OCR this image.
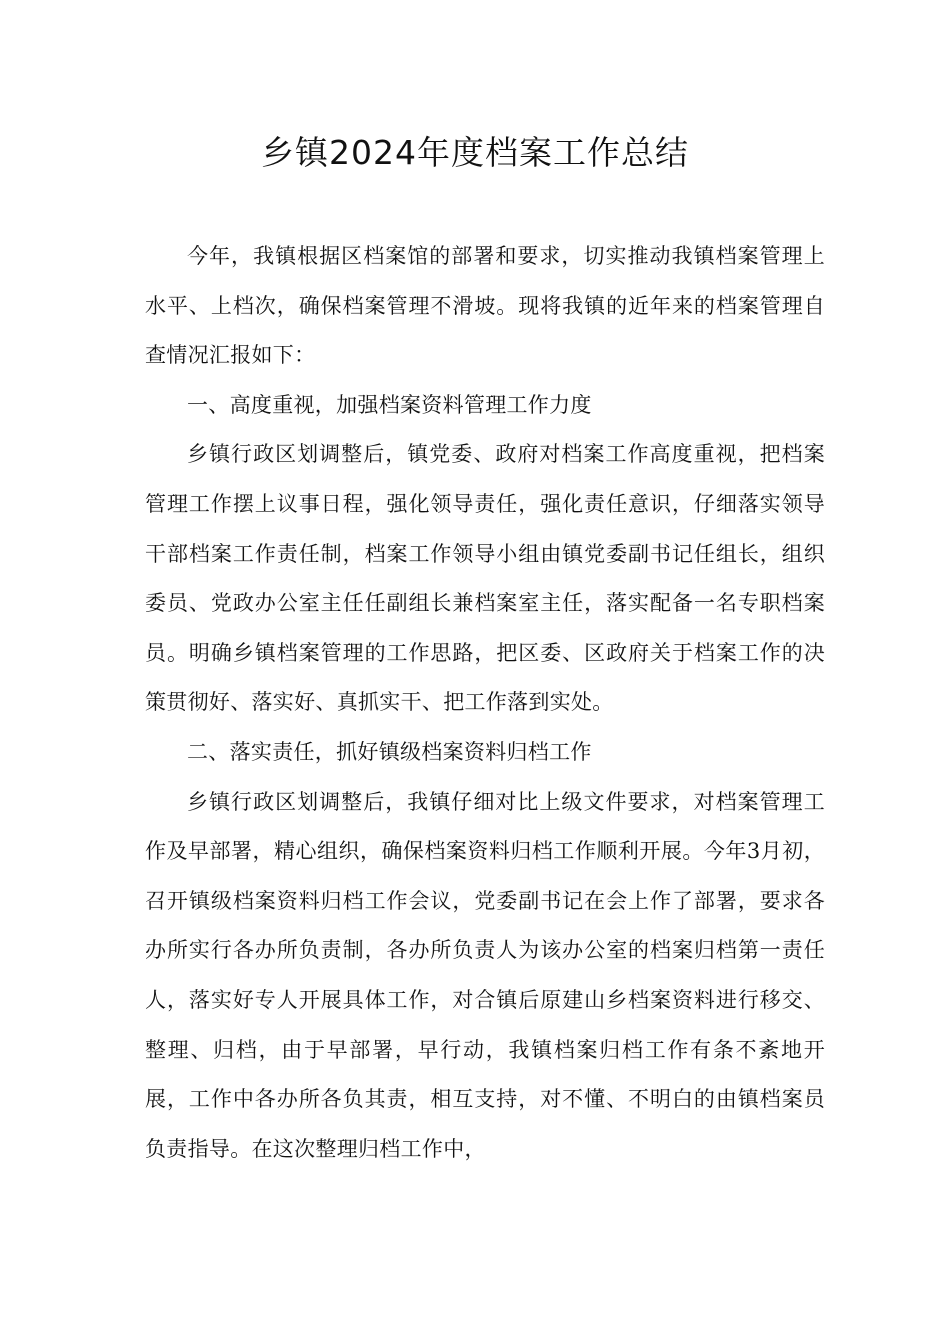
乡镇2024年度档案工作总结

今年，我镇根据区档案馆的部署和要求，切实推动我镇档案管理上水平、上档次，确保档案管理不滑坡。现将我镇的近年来的档案管理自查情况汇报如下：

一、高度重视，加强档案资料管理工作力度

乡镇行政区划调整后，镇党委、政府对档案工作高度重视，把档案管理工作摆上议事日程，强化领导责任，强化责任意识，仔细落实领导干部档案工作责任制，档案工作领导小组由镇党委副书记任组长，组织委员、党政办公室主任任副组长兼档案室主任，落实配备一名专职档案员。明确乡镇档案管理的工作思路，把区委、区政府关于档案工作的决策贯彻好、落实好、真抓实干、把工作落到实处。

二、落实责任，抓好镇级档案资料归档工作

乡镇行政区划调整后，我镇仔细对比上级文件要求，对档案管理工作及早部署，精心组织，确保档案资料归档工作顺利开展。今年3月初，召开镇级档案资料归档工作会议，党委副书记在会上作了部署，要求各办所实行各办所负责制，各办所负责人为该办公室的档案归档第一责任人，落实好专人开展具体工作，对合镇后原建山乡档案资料进行移交、整理、归档，由于早部署，早行动，我镇档案归档工作有条不紊地开展，工作中各办所各负其责，相互支持，对不懂、不明白的由镇档案员负责指导。在这次整理归档工作中，
